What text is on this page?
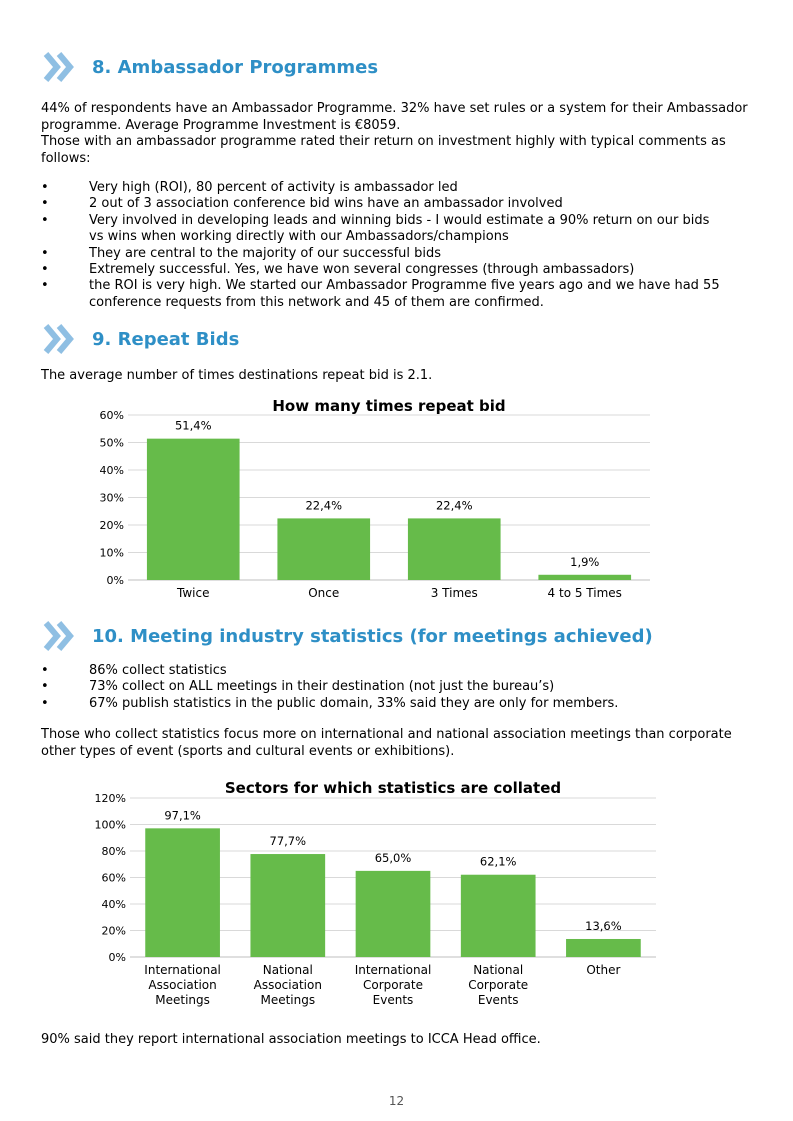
8. Ambassador Programmes

44% of respondents have an Ambassador Programme. 32% have set rules or a system for their Ambassador

programme. Average Programme Investment is €8059.

Those with an ambassador programme rated their return on investment highly with typical comments as

follows:

• Very high (ROI), 80 percent of activity is ambassador led
• 2 out of 3 association conference bid wins have an ambassador involved
• Very involved in developing leads and winning bids - I would estimate a 90% return on our bids vs wins when working directly with our Ambassadors/champions
• They are central to the majority of our successful bids
• Extremely successful. Yes, we have won several congresses (through ambassadors)
• the ROI is very high. We started our Ambassador Programme five years ago and we have had 55 conference requests from this network and 45 of them are confirmed.
9. Repeat Bids
The average number of times destinations repeat bid is 2.1.
How many times repeat bid
0%
10%
20%
30%
40%
50%
60%
51,4%
Twice
22,4%
Once
22,4%
3 Times
1,9%
4 to 5 Times
10. Meeting industry statistics (for meetings achieved)
• 86% collect statistics
• 73% collect on ALL meetings in their destination (not just the bureau’s)
• 67% publish statistics in the public domain, 33% said they are only for members.

Those who collect statistics focus more on international and national association meetings than corporate

other types of event (sports and cultural events or exhibitions).

Sectors for which statistics are collated
0%
20%
40%
60%
80%
100%
120%
97,1%
International
Association
Meetings
77,7%
National
Association
Meetings
65,0%
International
Corporate
Events
62,1%
National
Corporate
Events
13,6%
Other
90% said they report international association meetings to ICCA Head office.
12
